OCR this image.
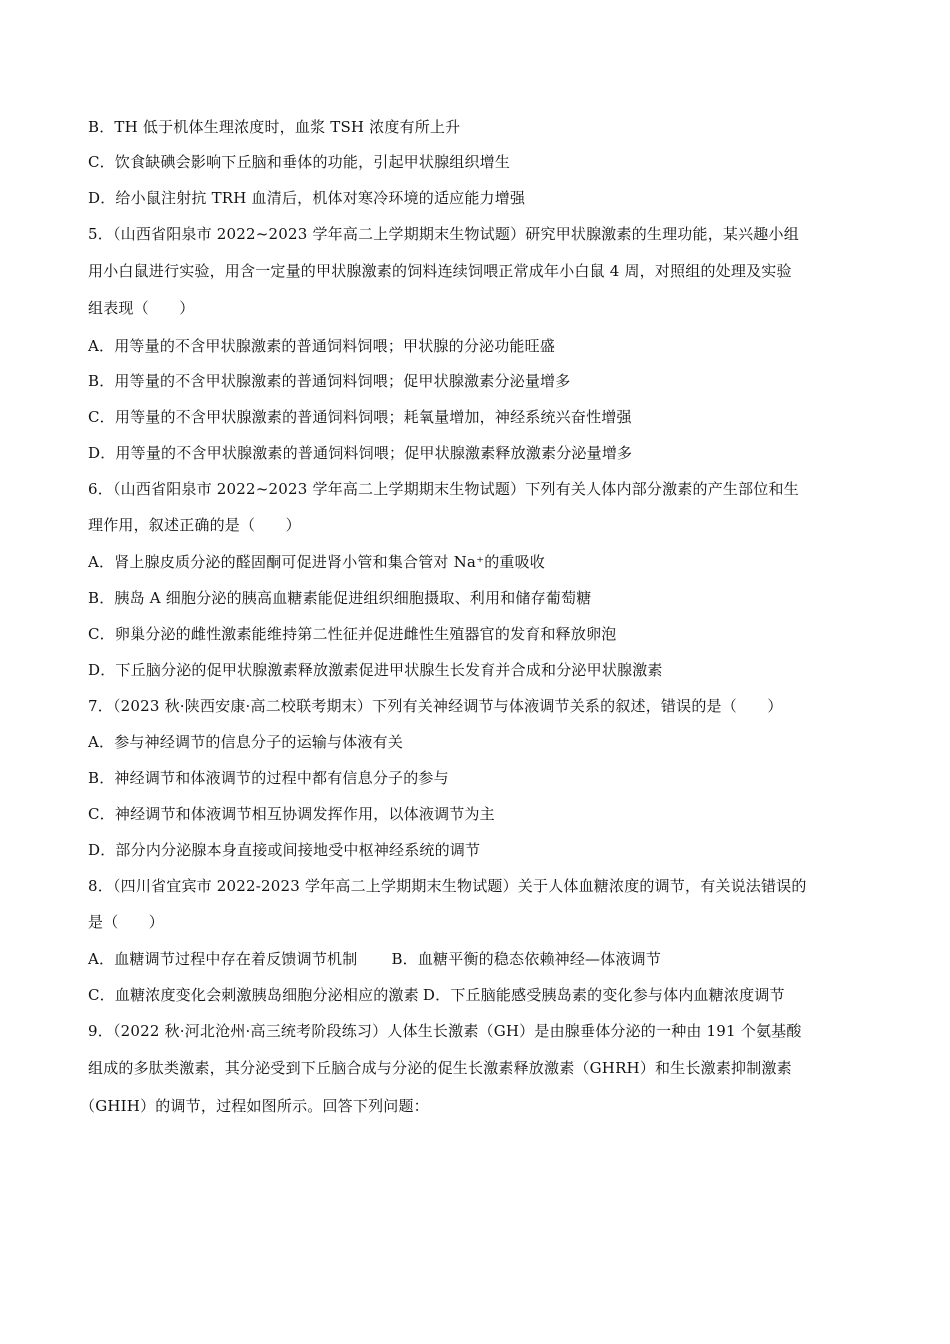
B．TH 低于机体生理浓度时，血浆 TSH 浓度有所上升
C．饮食缺碘会影响下丘脑和垂体的功能，引起甲状腺组织增生
D．给小鼠注射抗 TRH 血清后，机体对寒冷环境的适应能力增强
5．（山西省阳泉市 2022~2023 学年高二上学期期末生物试题）研究甲状腺激素的生理功能，某兴趣小组
用小白鼠进行实验，用含一定量的甲状腺激素的饲料连续饲喂正常成年小白鼠 4 周，对照组的处理及实验
组表现（　　）
A．用等量的不含甲状腺激素的普通饲料饲喂；甲状腺的分泌功能旺盛
B．用等量的不含甲状腺激素的普通饲料饲喂；促甲状腺激素分泌量增多
C．用等量的不含甲状腺激素的普通饲料饲喂；耗氧量增加，神经系统兴奋性增强
D．用等量的不含甲状腺激素的普通饲料饲喂；促甲状腺激素释放激素分泌量增多
6．（山西省阳泉市 2022~2023 学年高二上学期期末生物试题）下列有关人体内部分激素的产生部位和生
理作用，叙述正确的是（　　）
A．肾上腺皮质分泌的醛固酮可促进肾小管和集合管对 Na⁺的重吸收
B．胰岛 A 细胞分泌的胰高血糖素能促进组织细胞摄取、利用和储存葡萄糖
C．卵巢分泌的雌性激素能维持第二性征并促进雌性生殖器官的发育和释放卵泡
D．下丘脑分泌的促甲状腺激素释放激素促进甲状腺生长发育并合成和分泌甲状腺激素
7．（2023 秋·陕西安康·高二校联考期末）下列有关神经调节与体液调节关系的叙述，错误的是（　　）
A．参与神经调节的信息分子的运输与体液有关
B．神经调节和体液调节的过程中都有信息分子的参与
C．神经调节和体液调节相互协调发挥作用，以体液调节为主
D．部分内分泌腺本身直接或间接地受中枢神经系统的调节
8．（四川省宜宾市 2022-2023 学年高二上学期期末生物试题）关于人体血糖浓度的调节，有关说法错误的
是（　　）
A．血糖调节过程中存在着反馈调节机制 B．血糖平衡的稳态依赖神经—体液调节
C．血糖浓度变化会刺激胰岛细胞分泌相应的激素 D．下丘脑能感受胰岛素的变化参与体内血糖浓度调节
9．（2022 秋·河北沧州·高三统考阶段练习）人体生长激素（GH）是由腺垂体分泌的一种由 191 个氨基酸
组成的多肽类激素，其分泌受到下丘脑合成与分泌的促生长激素释放激素（GHRH）和生长激素抑制激素
（GHIH）的调节，过程如图所示。回答下列问题：
